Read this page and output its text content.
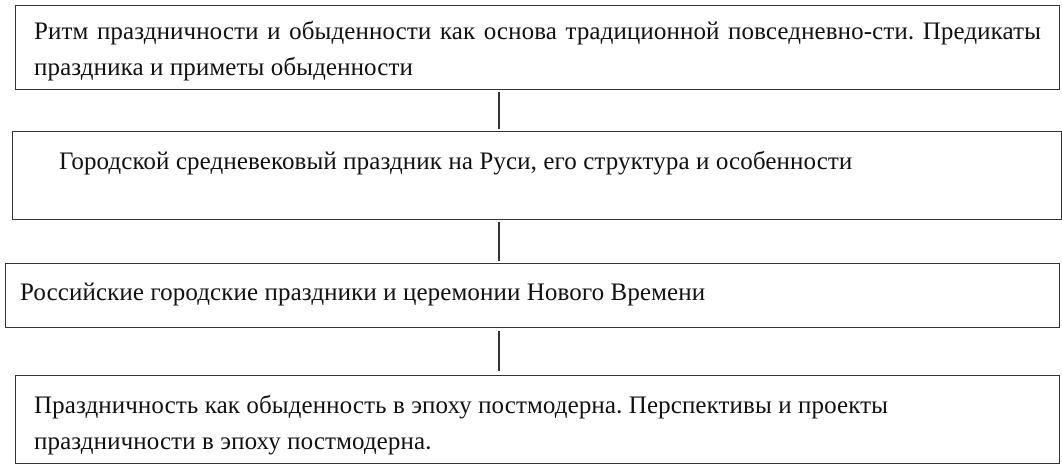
Ритм праздничности и обыденности как основа традиционной повседневно-сти. Предикаты праздника и приметы обыденности
Городской средневековый праздник на Руси, его структура и особенности
Российские городские праздники и церемонии Нового Времени
Праздничность как обыденность в эпоху постмодерна. Перспективы и проекты праздничности в эпоху постмодерна.
